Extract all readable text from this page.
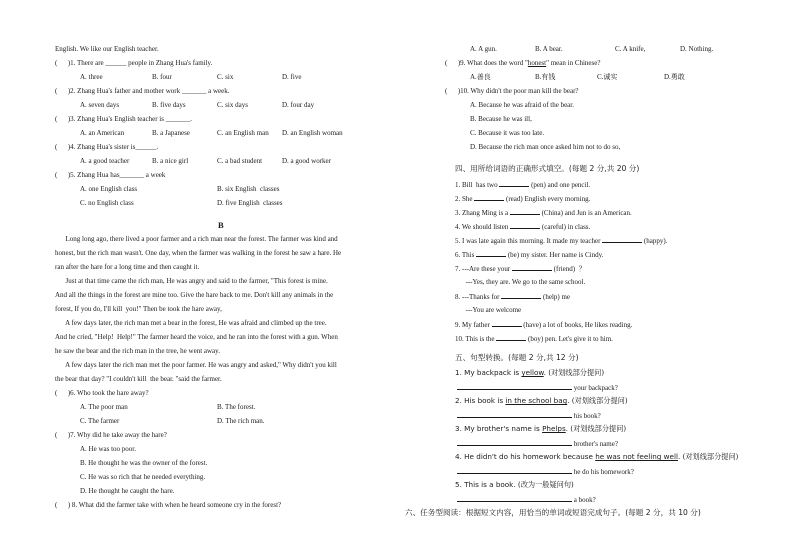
English. We like our English teacher.
(      )1. There are ______ people in Zhang Hua's family.
A. three	B. four	C. six	D. five
(      )2. Zhang Hua's father and mother work _______ a week.
A. seven days	B. five days	C. six days	D. four day
(      )3. Zhang Hua's English teacher is _______.
A. an American	B. a Japanese	C. an English man D. an English woman
(      )4. Zhang Hua's sister is______.
A. a good teacher	B. a nice girl	C. a bad student	D. a good worker
(      )5. Zhang Hua has_______ a week
A. one English class	B. six English  classes
C. no English class	D. five English  classes
B
Long long ago, there lived a poor farmer and a rich man near the forest. The farmer was kind and
honest, but the rich man wasn't. One day, when the farmer was walking in the forest he saw a hare. He
ran after the hare for a long time and then caught it.
Just at that time came the rich man, He was angry and said to the farmer, "This forest is mine.
And all the things in the forest are mine too. Give the hare back to me. Don't kill any animals in the
forest, If you do, I'll kill  you!" Then be took the hare away,
A few days later, the rich man met a bear in the forest, He was afraid and climbed up the tree.
And he cried, "Help!  Help!" The farmer heard the voice, and he ran into the forest with a gun. When
he saw the bear and the rich man in the tree, he went away.
A few days later the rich man met the poor farmer. He was angry and asked," Why didn't you kill
the bear that day? "I couldn't kill  the bear. "said the farmer.
(      )6. Who took the hare away?
A. The poor man	B. The forest.
C. The farmer	D. The rich man.
(      )7. Why did he take away the hare?
A. He was too poor.
B. He thought he was the owner of the forest.
C. He was so rich that he needed everything.
D. He thought he caught the hare.
(      ) 8. What did the farmer take with when he heard someone cry in the forest?
A. A gun.	B. A bear.	C. A knife,	D. Nothing.
(      )9. What does the word "honest" mean in Chinese?
A.善良	B.有钱	C.诚实	D.勇敢
(      )10. Why didn't the poor man kill the bear?
A. Because he was afraid of the bear.
B. Because he was ill,
C. Because it was too late.
D. Because the rich man once asked him not to do so,
四、用所给词语的正确形式填空。(每题 2 分,共 20 分)
1. Bill  has two	(pen) and one pencil.
2. She	(read) English every morning.
3. Zhang Ming is a	(China) and Jun is an American.
4. We should listen	(careful) in class.
5. I was late again this morning. It made my teacher	(happy).
6. This	(be) my sister. Her name is Cindy.
7. ---Are these your	(friend)  ？
---Yes, they are. We go to the same school.
8. ---Thanks for	(help) me
---You are welcome
9. My father	(have) a lot of books, He likes reading.
10. This is the	(boy) pen. Let's give it to him.
五、句型转换。(每题 2 分,共 12 分)
1. My backpack is yellow. (对划线部分提问)
your backpack?
2. His book is in the school bag. (对划线部分提问)
his book?
3. My brother's name is Phelps. (对划线部分提问)
brother's name?
4. He didn't do his homework because he was not feeling well. (对划线部分提问)
he do his homework?
5. This is a book. (改为一般疑问句)
a book?
六、任务型阅读：根据短文内容，用恰当的单词或短语完成句子。(每题 2 分，共 10 分)
